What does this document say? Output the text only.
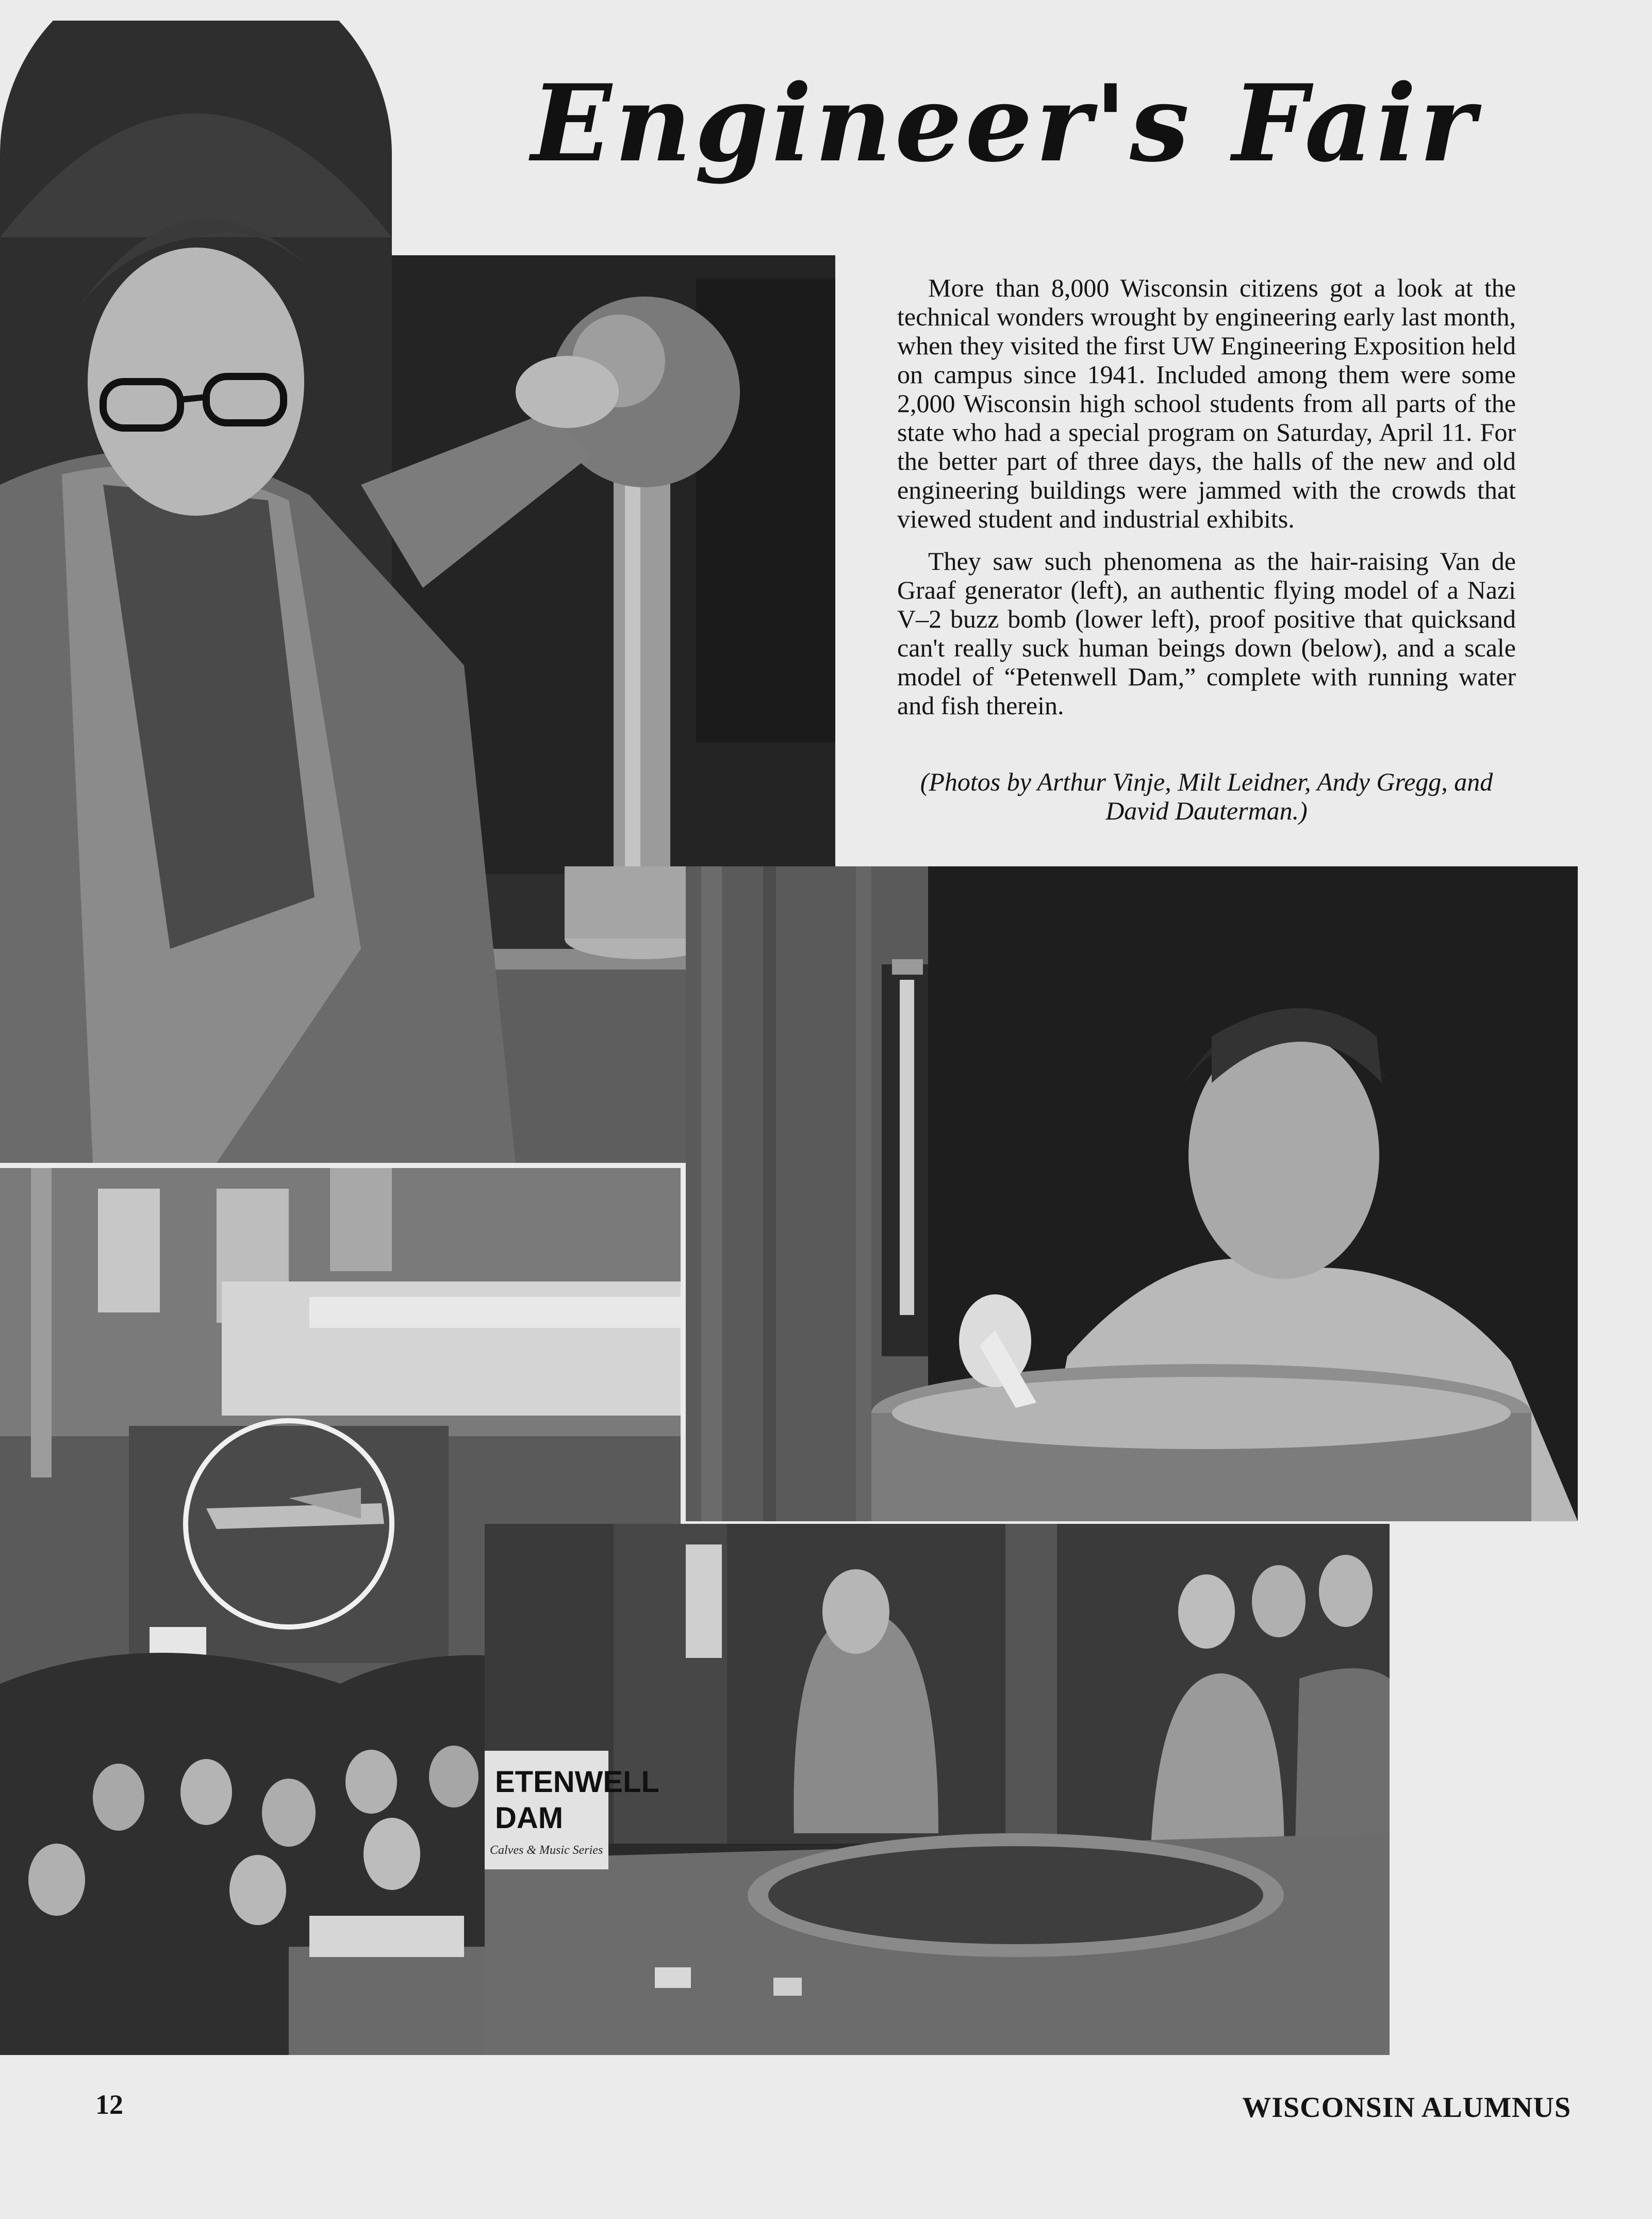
Engineer's Fair

More than 8,000 Wisconsin citizens got a look at the technical wonders wrought by engineering early last month, when they visited the first UW Engineering Exposition held on campus since 1941. Included among them were some 2,000 Wisconsin high school students from all parts of the state who had a special program on Saturday, April 11. For the better part of three days, the halls of the new and old engineering buildings were jammed with the crowds that viewed student and industrial exhibits.

They saw such phenomena as the hair-raising Van de Graaf generator (left), an authentic flying model of a Nazi V–2 buzz bomb (lower left), proof positive that quicksand can't really suck human beings down (below), and a scale model of “Petenwell Dam,” complete with running water and fish therein.

(Photos by Arthur Vinje, Milt Leidner, Andy Gregg, and David Dauterman.)
ETENWELL
DAM
Calves & Music Series
12	WISCONSIN ALUMNUS
